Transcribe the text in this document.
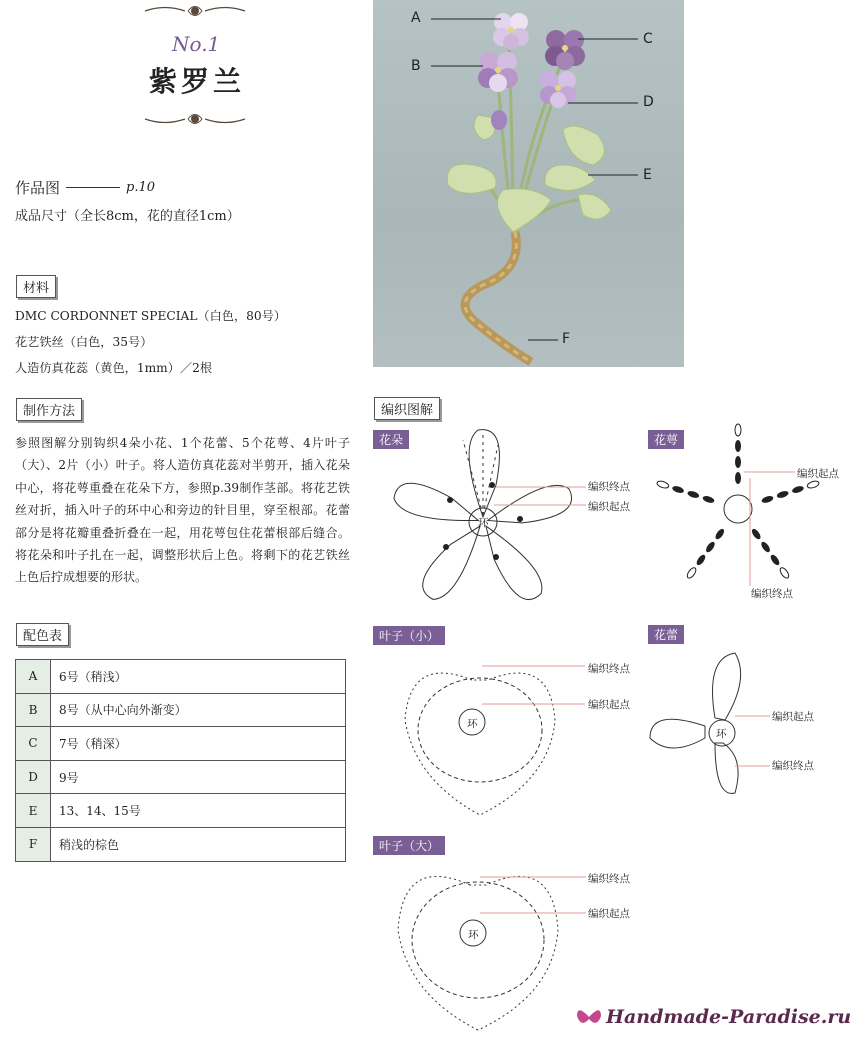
No.1
紫罗兰
作品图	p.10
成品尺寸（全长8cm，花的直径1cm）
材料
DMC CORDONNET SPECIAL（白色，80号）
花艺铁丝（白色，35号）
人造仿真花蕊（黄色，1mm）／2根
制作方法
参照图解分别钩织4朵小花、1个花蕾、5个花萼、4片叶子（大）、2片（小）叶子。将人造仿真花蕊对半剪开，插入花朵中心，将花萼重叠在花朵下方，参照p.39制作茎部。将花艺铁丝对折，插入叶子的环中心和旁边的针目里，穿至根部。花蕾部分是将花瓣重叠折叠在一起，用花萼包住花蕾根部后缝合。将花朵和叶子扎在一起，调整形状后上色。将剩下的花艺铁丝上色后拧成想要的形状。
配色表
A	6号（稍浅）
B	8号（从中心向外渐变）
C	7号（稍深）
D	9号
E	13、14、15号
F	稍浅的棕色
A
B
C
D
E
F
编织图解
花朵
环
编织终点
编织起点
花萼
编织起点
编织终点
叶子（小）
环
编织终点
编织起点
花蕾
环
编织起点
编织终点
叶子（大）
环
编织终点
编织起点
Handmade-Paradise.ru
